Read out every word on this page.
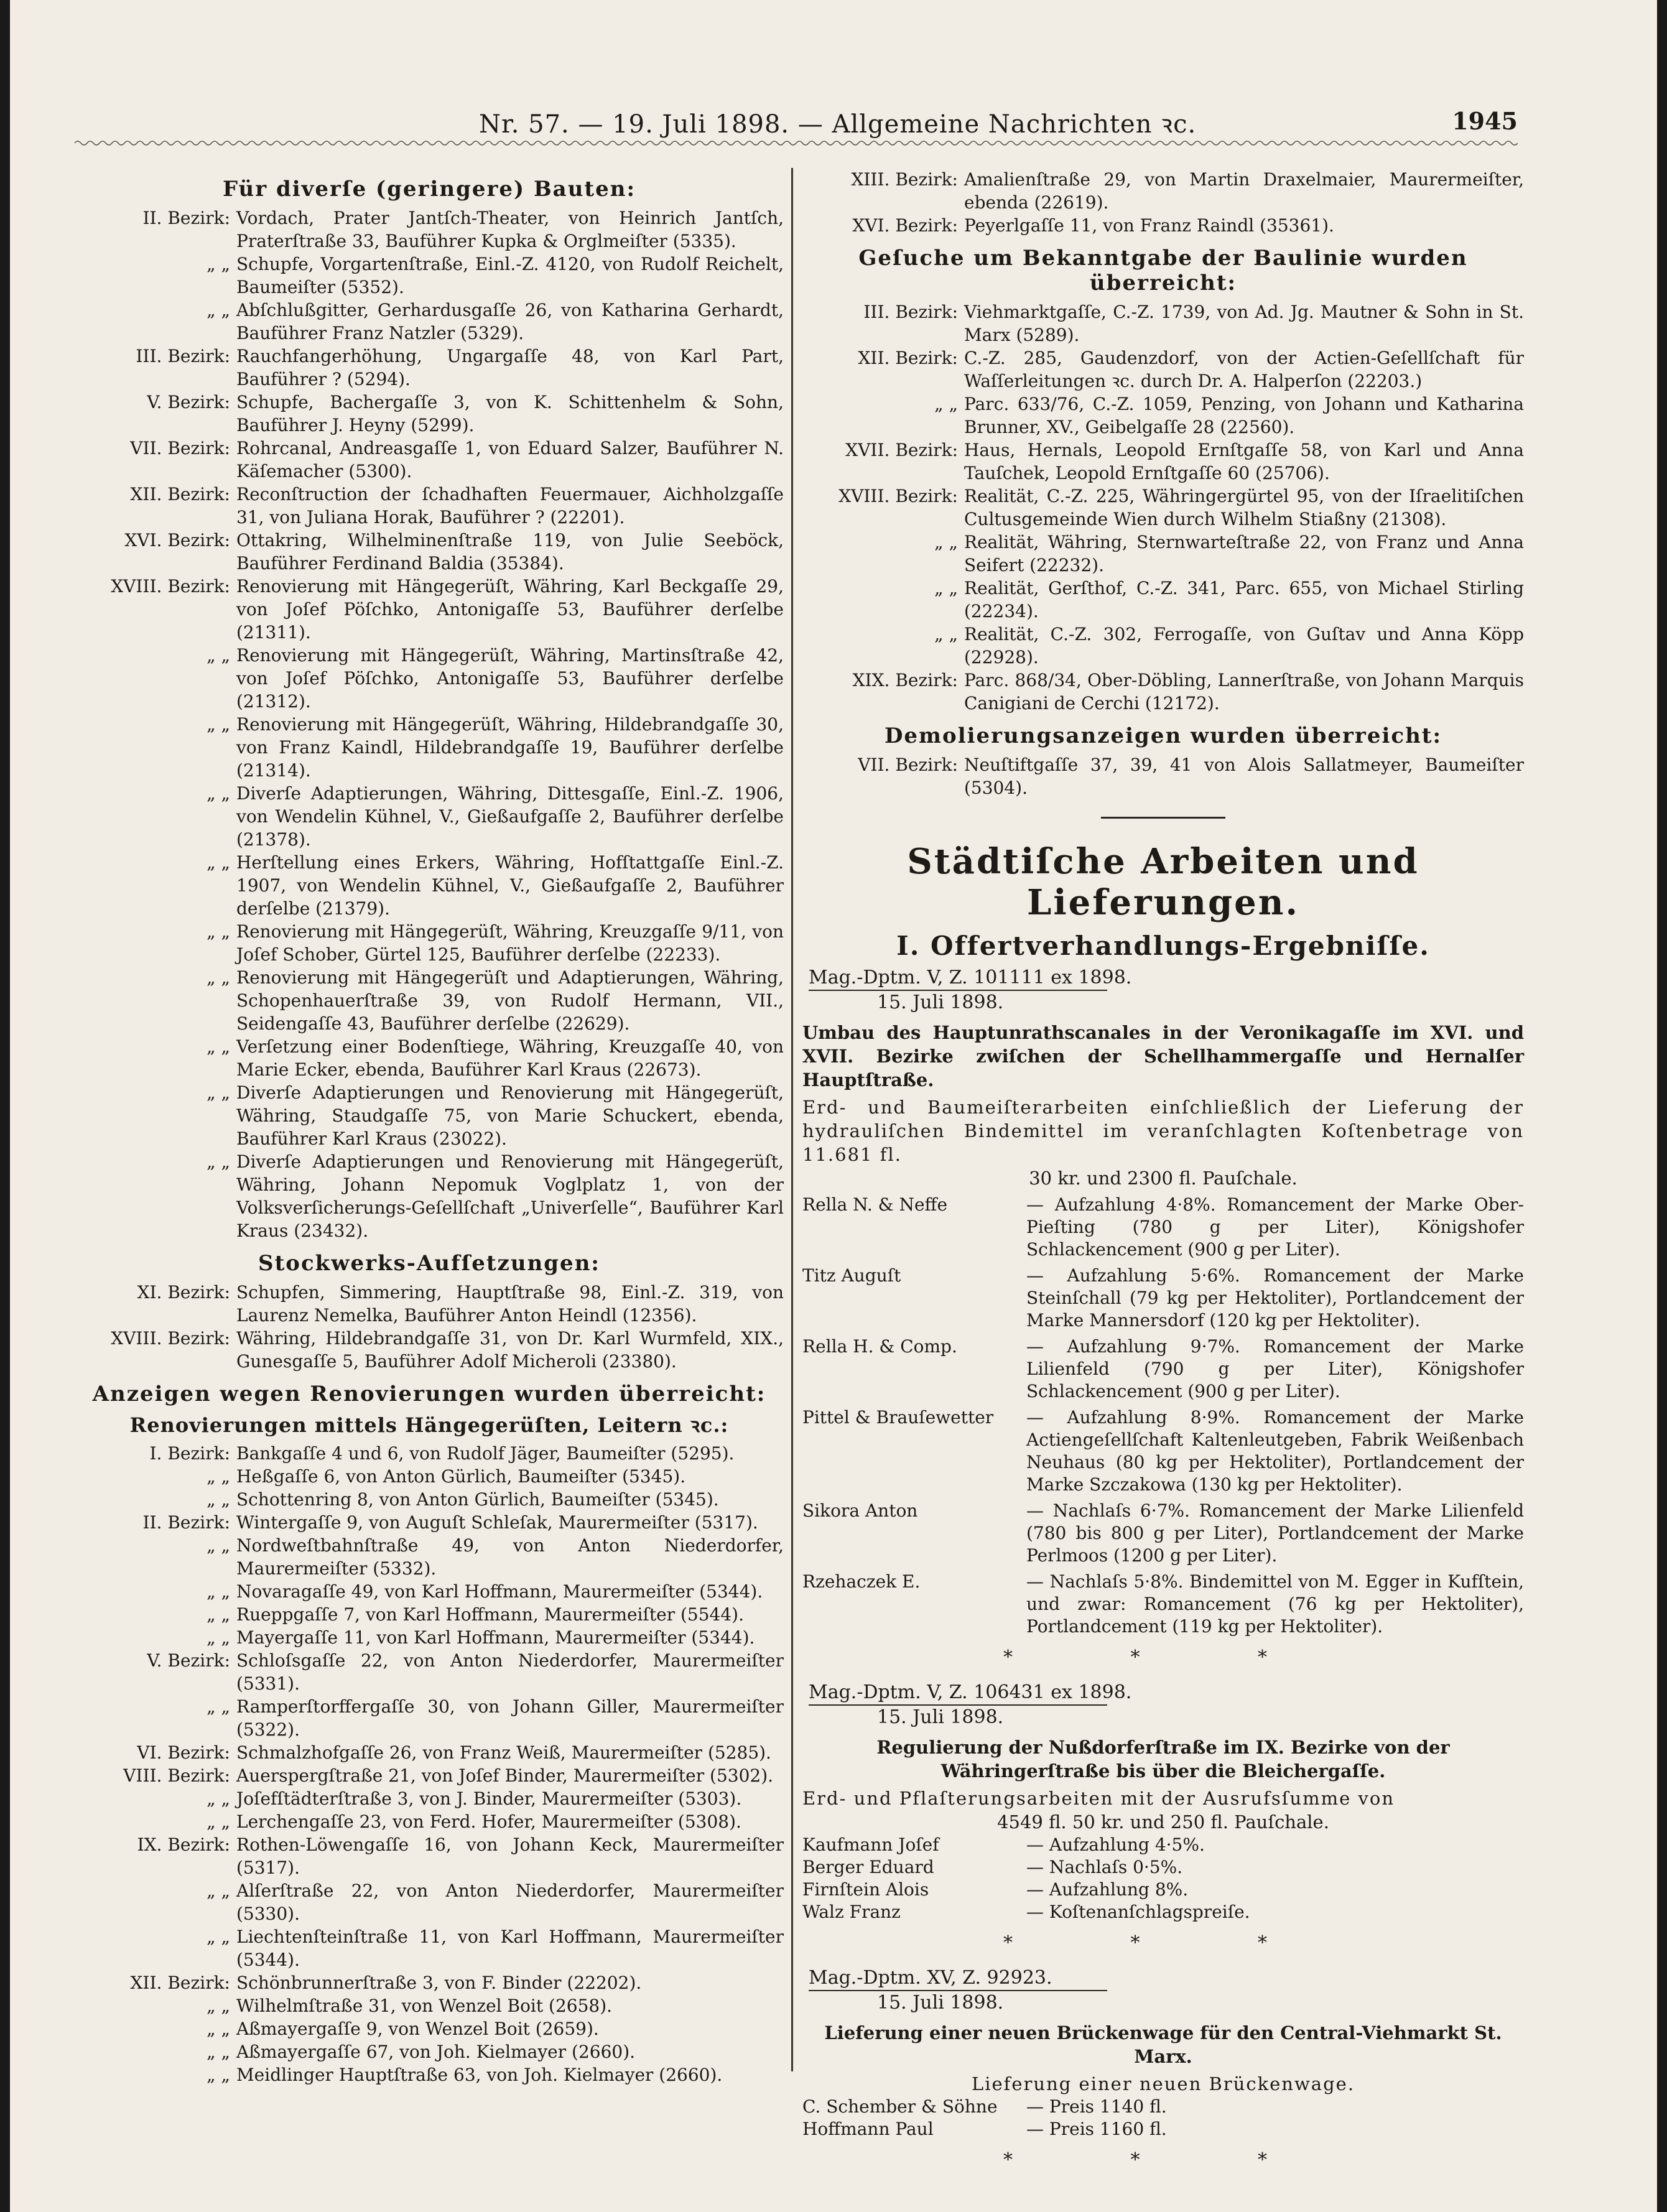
Nr. 57. — 19. Juli 1898. — Allgemeine Nachrichten ꝛc.	1945
Für diverſe (geringere) Bauten:
II. Bezirk: Vordach, Prater Jantſch-Theater, von Heinrich Jantſch, Praterſtraße 33, Bauführer Kupka & Orglmeiſter (5335).
„ „ Schupfe, Vorgartenſtraße, Einl.-Z. 4120, von Rudolf Reichelt, Baumeiſter (5352).
„ „ Abſchlußgitter, Gerhardusgaſſe 26, von Katharina Gerhardt, Bauführer Franz Natzler (5329).
III. Bezirk: Rauchfangerhöhung, Ungargaſſe 48, von Karl Part, Bauführer ? (5294).
V. Bezirk: Schupfe, Bachergaſſe 3, von K. Schittenhelm & Sohn, Bauführer J. Heyny (5299).
VII. Bezirk: Rohrcanal, Andreasgaſſe 1, von Eduard Salzer, Bauführer N. Käſemacher (5300).
XII. Bezirk: Reconſtruction der ſchadhaften Feuermauer, Aichholzgaſſe 31, von Juliana Horak, Bauführer ? (22201).
XVI. Bezirk: Ottakring, Wilhelminenſtraße 119, von Julie Seeböck, Bauführer Ferdinand Baldia (35384).
XVIII. Bezirk: Renovierung mit Hängegerüſt, Währing, Karl Beckgaſſe 29, von Joſef Pöſchko, Antonigaſſe 53, Bauführer derſelbe (21311).
„ „ Renovierung mit Hängegerüſt, Währing, Martinsſtraße 42, von Joſef Pöſchko, Antonigaſſe 53, Bauführer derſelbe (21312).
„ „ Renovierung mit Hängegerüſt, Währing, Hildebrandgaſſe 30, von Franz Kaindl, Hildebrandgaſſe 19, Bauführer derſelbe (21314).
„ „ Diverſe Adaptierungen, Währing, Dittesgaſſe, Einl.-Z. 1906, von Wendelin Kühnel, V., Gießaufgaſſe 2, Bauführer derſelbe (21378).
„ „ Herſtellung eines Erkers, Währing, Hofſtattgaſſe Einl.-Z. 1907, von Wendelin Kühnel, V., Gießaufgaſſe 2, Bauführer derſelbe (21379).
„ „ Renovierung mit Hängegerüſt, Währing, Kreuzgaſſe 9/11, von Joſef Schober, Gürtel 125, Bauführer derſelbe (22233).
„ „ Renovierung mit Hängegerüſt und Adaptierungen, Währing, Schopenhauerſtraße 39, von Rudolf Hermann, VII., Seidengaſſe 43, Bauführer derſelbe (22629).
„ „ Verſetzung einer Bodenſtiege, Währing, Kreuzgaſſe 40, von Marie Ecker, ebenda, Bauführer Karl Kraus (22673).
„ „ Diverſe Adaptierungen und Renovierung mit Hängegerüſt, Währing, Staudgaſſe 75, von Marie Schuckert, ebenda, Bauführer Karl Kraus (23022).
„ „ Diverſe Adaptierungen und Renovierung mit Hängegerüſt, Währing, Johann Nepomuk Voglplatz 1, von der Volksverſicherungs-Geſellſchaft „Univerſelle“, Bauführer Karl Kraus (23432).
Stockwerks-Aufſetzungen:
XI. Bezirk: Schupfen, Simmering, Hauptſtraße 98, Einl.-Z. 319, von Laurenz Nemelka, Bauführer Anton Heindl (12356).
XVIII. Bezirk: Währing, Hildebrandgaſſe 31, von Dr. Karl Wurmfeld, XIX., Gunesgaſſe 5, Bauführer Adolf Micheroli (23380).
Anzeigen wegen Renovierungen wurden überreicht:
Renovierungen mittels Hängegerüſten, Leitern ꝛc.:
I. Bezirk: Bankgaſſe 4 und 6, von Rudolf Jäger, Baumeiſter (5295).
„ „ Heßgaſſe 6, von Anton Gürlich, Baumeiſter (5345).
„ „ Schottenring 8, von Anton Gürlich, Baumeiſter (5345).
II. Bezirk: Wintergaſſe 9, von Auguſt Schleſak, Maurermeiſter (5317).
„ „ Nordweſtbahnſtraße 49, von Anton Niederdorfer, Maurermeiſter (5332).
„ „ Novaragaſſe 49, von Karl Hoffmann, Maurermeiſter (5344).
„ „ Rueppgaſſe 7, von Karl Hoffmann, Maurermeiſter (5544).
„ „ Mayergaſſe 11, von Karl Hoffmann, Maurermeiſter (5344).
V. Bezirk: Schloſsgaſſe 22, von Anton Niederdorfer, Maurermeiſter (5331).
„ „ Ramperſtorffergaſſe 30, von Johann Giller, Maurermeiſter (5322).
VI. Bezirk: Schmalzhofgaſſe 26, von Franz Weiß, Maurermeiſter (5285).
VIII. Bezirk: Auerspergſtraße 21, von Joſef Binder, Maurermeiſter (5302).
„ „ Joſefſtädterſtraße 3, von J. Binder, Maurermeiſter (5303).
„ „ Lerchengaſſe 23, von Ferd. Hofer, Maurermeiſter (5308).
IX. Bezirk: Rothen-Löwengaſſe 16, von Johann Keck, Maurermeiſter (5317).
„ „ Alſerſtraße 22, von Anton Niederdorfer, Maurermeiſter (5330).
„ „ Liechtenſteinſtraße 11, von Karl Hoffmann, Maurermeiſter (5344).
XII. Bezirk: Schönbrunnerſtraße 3, von F. Binder (22202).
„ „ Wilhelmſtraße 31, von Wenzel Boit (2658).
„ „ Aßmayergaſſe 9, von Wenzel Boit (2659).
„ „ Aßmayergaſſe 67, von Joh. Kielmayer (2660).
„ „ Meidlinger Hauptſtraße 63, von Joh. Kielmayer (2660).
XIII. Bezirk: Amalienſtraße 29, von Martin Draxelmaier, Maurermeiſter, ebenda (22619).
XVI. Bezirk: Peyerlgaſſe 11, von Franz Raindl (35361).
Geſuche um Bekanntgabe der Baulinie wurden überreicht:
III. Bezirk: Viehmarktgaſſe, C.-Z. 1739, von Ad. Jg. Mautner & Sohn in St. Marx (5289).
XII. Bezirk: C.-Z. 285, Gaudenzdorf, von der Actien-Geſellſchaft für Waſſerleitungen ꝛc. durch Dr. A. Halperſon (22203.)
„ „ Parc. 633/76, C.-Z. 1059, Penzing, von Johann und Katharina Brunner, XV., Geibelgaſſe 28 (22560).
XVII. Bezirk: Haus, Hernals, Leopold Ernſtgaſſe 58, von Karl und Anna Tauſchek, Leopold Ernſtgaſſe 60 (25706).
XVIII. Bezirk: Realität, C.-Z. 225, Währingergürtel 95, von der Iſraelitiſchen Cultusgemeinde Wien durch Wilhelm Stiaßny (21308).
„ „ Realität, Währing, Sternwarteſtraße 22, von Franz und Anna Seifert (22232).
„ „ Realität, Gerſthof, C.-Z. 341, Parc. 655, von Michael Stirling (22234).
„ „ Realität, C.-Z. 302, Ferrogaſſe, von Guſtav und Anna Köpp (22928).
XIX. Bezirk: Parc. 868/34, Ober-Döbling, Lannerſtraße, von Johann Marquis Canigiani de Cerchi (12172).
Demolierungsanzeigen wurden überreicht:
VII. Bezirk: Neuſtiftgaſſe 37, 39, 41 von Alois Sallatmeyer, Baumeiſter (5304).
Städtiſche Arbeiten und Lieferungen.
I. Offertverhandlungs-Ergebniſſe.
Mag.-Dptm. V, Z. 101111 ex 1898.
15. Juli 1898.
Umbau des Hauptunrathscanales in der Veronikagaſſe im XVI. und XVII. Bezirke zwiſchen der Schellhammergaſſe und Hernalſer Hauptſtraße.
Erd- und Baumeiſterarbeiten einſchließlich der Lieferung der hydrauliſchen Bindemittel im veranſchlagten Koſtenbetrage von 11.681 fl.
30 kr. und 2300 fl. Pauſchale.
Rella N. & Neffe	— Aufzahlung 4·8%. Romancement der Marke Ober-Pieſting (780 g per Liter), Königshofer Schlackencement (900 g per Liter).
Titz Auguſt	— Aufzahlung 5·6%. Romancement der Marke Steinſchall (79 kg per Hektoliter), Portlandcement der Marke Mannersdorf (120 kg per Hektoliter).
Rella H. & Comp.	— Aufzahlung 9·7%. Romancement der Marke Lilienfeld (790 g per Liter), Königshofer Schlackencement (900 g per Liter).
Pittel & Brauſewetter	— Aufzahlung 8·9%. Romancement der Marke Actiengeſellſchaft Kaltenleutgeben, Fabrik Weißenbach Neuhaus (80 kg per Hektoliter), Portlandcement der Marke Szczakowa (130 kg per Hektoliter).
Sikora Anton	— Nachlaſs 6·7%. Romancement der Marke Lilienfeld (780 bis 800 g per Liter), Portlandcement der Marke Perlmoos (1200 g per Liter).
Rzehaczek E.	— Nachlaſs 5·8%. Bindemittel von M. Egger in Kufſtein, und zwar: Romancement (76 kg per Hektoliter), Portlandcement (119 kg per Hektoliter).
* * *
Mag.-Dptm. V, Z. 106431 ex 1898.
15. Juli 1898.
Regulierung der Nußdorferſtraße im IX. Bezirke von der Währingerſtraße bis über die Bleichergaſſe.
Erd- und Pflaſterungsarbeiten mit der Ausrufsſumme von
4549 fl. 50 kr. und 250 fl. Pauſchale.
Kaufmann Joſef	— Aufzahlung 4·5%.
Berger Eduard	— Nachlaſs 0·5%.
Firnſtein Alois	— Aufzahlung 8%.
Walz Franz	— Koſtenanſchlagspreiſe.
* * *
Mag.-Dptm. XV, Z. 92923.
15. Juli 1898.
Lieferung einer neuen Brückenwage für den Central-Viehmarkt St. Marx.
Lieferung einer neuen Brückenwage.
C. Schember & Söhne	— Preis 1140 fl.
Hoffmann Paul	— Preis 1160 fl.
* * *
